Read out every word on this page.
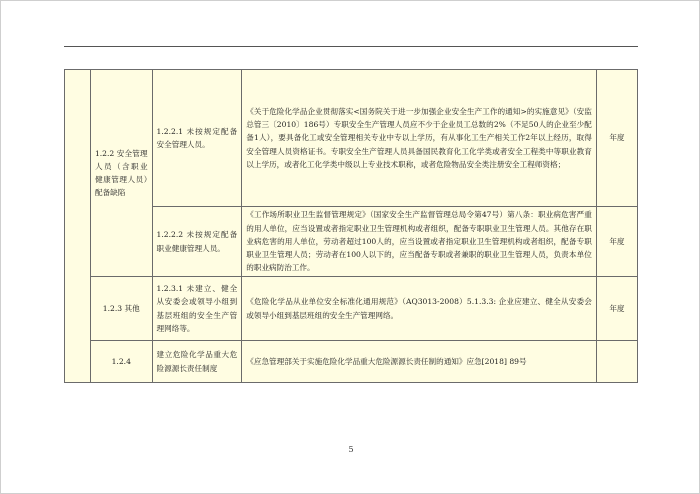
	1.2.2 安全管理人员（含职业健康管理人员）配备缺陷	1.2.2.1 未按规定配备安全管理人员。	《关于危险化学品企业贯彻落实<国务院关于进一步加强企业安全生产工作的通知>的实施意见》（安监总管三〔2010〕186号）专职安全生产管理人员应不少于企业员工总数的2%（不足50人的企业至少配备1人），要具备化工或安全管理相关专业中专以上学历，有从事化工生产相关工作2年以上经历，取得安全管理人员资格证书。专职安全生产管理人员具备国民教育化工化学类或者安全工程类中等职业教育以上学历，或者化工化学类中级以上专业技术职称，或者危险物品安全类注册安全工程师资格；	年度
		1.2.2.2 未按规定配备职业健康管理人员。	《工作场所职业卫生监督管理规定》（国家安全生产监督管理总局令第47号）第八条：职业病危害严重的用人单位，应当设置或者指定职业卫生管理机构或者组织，配备专职职业卫生管理人员。其他存在职业病危害的用人单位，劳动者超过100人的，应当设置或者指定职业卫生管理机构或者组织，配备专职职业卫生管理人员；劳动者在100人以下的，应当配备专职或者兼职的职业卫生管理人员，负责本单位的职业病防治工作。	年度
	1.2.3 其他	1.2.3.1 未建立、健全从安委会或领导小组到基层班组的安全生产管理网络等。	《危险化学品从业单位安全标准化通用规范》（AQ3013-2008）5.1.3.3: 企业应建立、健全从安委会或领导小组到基层班组的安全生产管理网络。	年度
	1.2.4	建立危险化学品重大危险源源长责任制度	《应急管理部关于实施危险化学品重大危险源源长责任制的通知》应急[2018] 89号	
5
